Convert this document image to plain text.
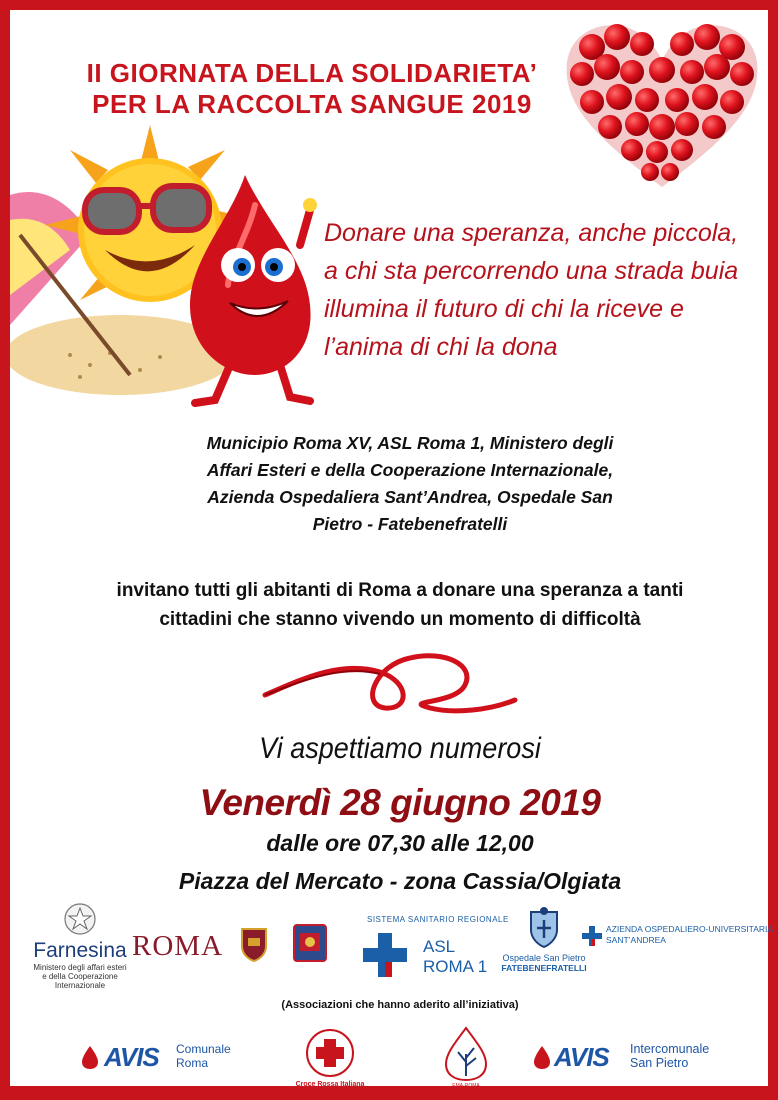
II GIORNATA DELLA SOLIDARIETA’
PER LA RACCOLTA SANGUE 2019
Donare una speranza, anche piccola, a chi sta percorrendo una strada buia illumina il futuro di chi la riceve e l’anima di chi la dona
Municipio Roma XV, ASL Roma 1, Ministero degli
Affari Esteri e della Cooperazione Internazionale,
Azienda Ospedaliera Sant’Andrea, Ospedale San
Pietro - Fatebenefratelli
invitano tutti gli abitanti di Roma a donare una speranza a tanti
cittadini che stanno vivendo un momento di difficoltà
Vi aspettiamo numerosi
Venerdì 28 giugno 2019
dalle ore 07,30 alle 12,00
Piazza del Mercato - zona Cassia/Olgiata
Farnesina
Ministero degli affari esteri
e della Cooperazione Internazionale
ROMA
SISTEMA SANITARIO REGIONALE
ASL
ROMA 1	Ospedale San Pietro
FATEBENEFRATELLI
AZIENDA OSPEDALIERO-UNIVERSITARIA
SANT’ANDREA
(Associazioni che hanno aderito all’iniziativa)
AVIS Comunale
Roma
Croce Rossa Italiana	EMA-ROMA
AVIS Intercomunale
San Pietro
